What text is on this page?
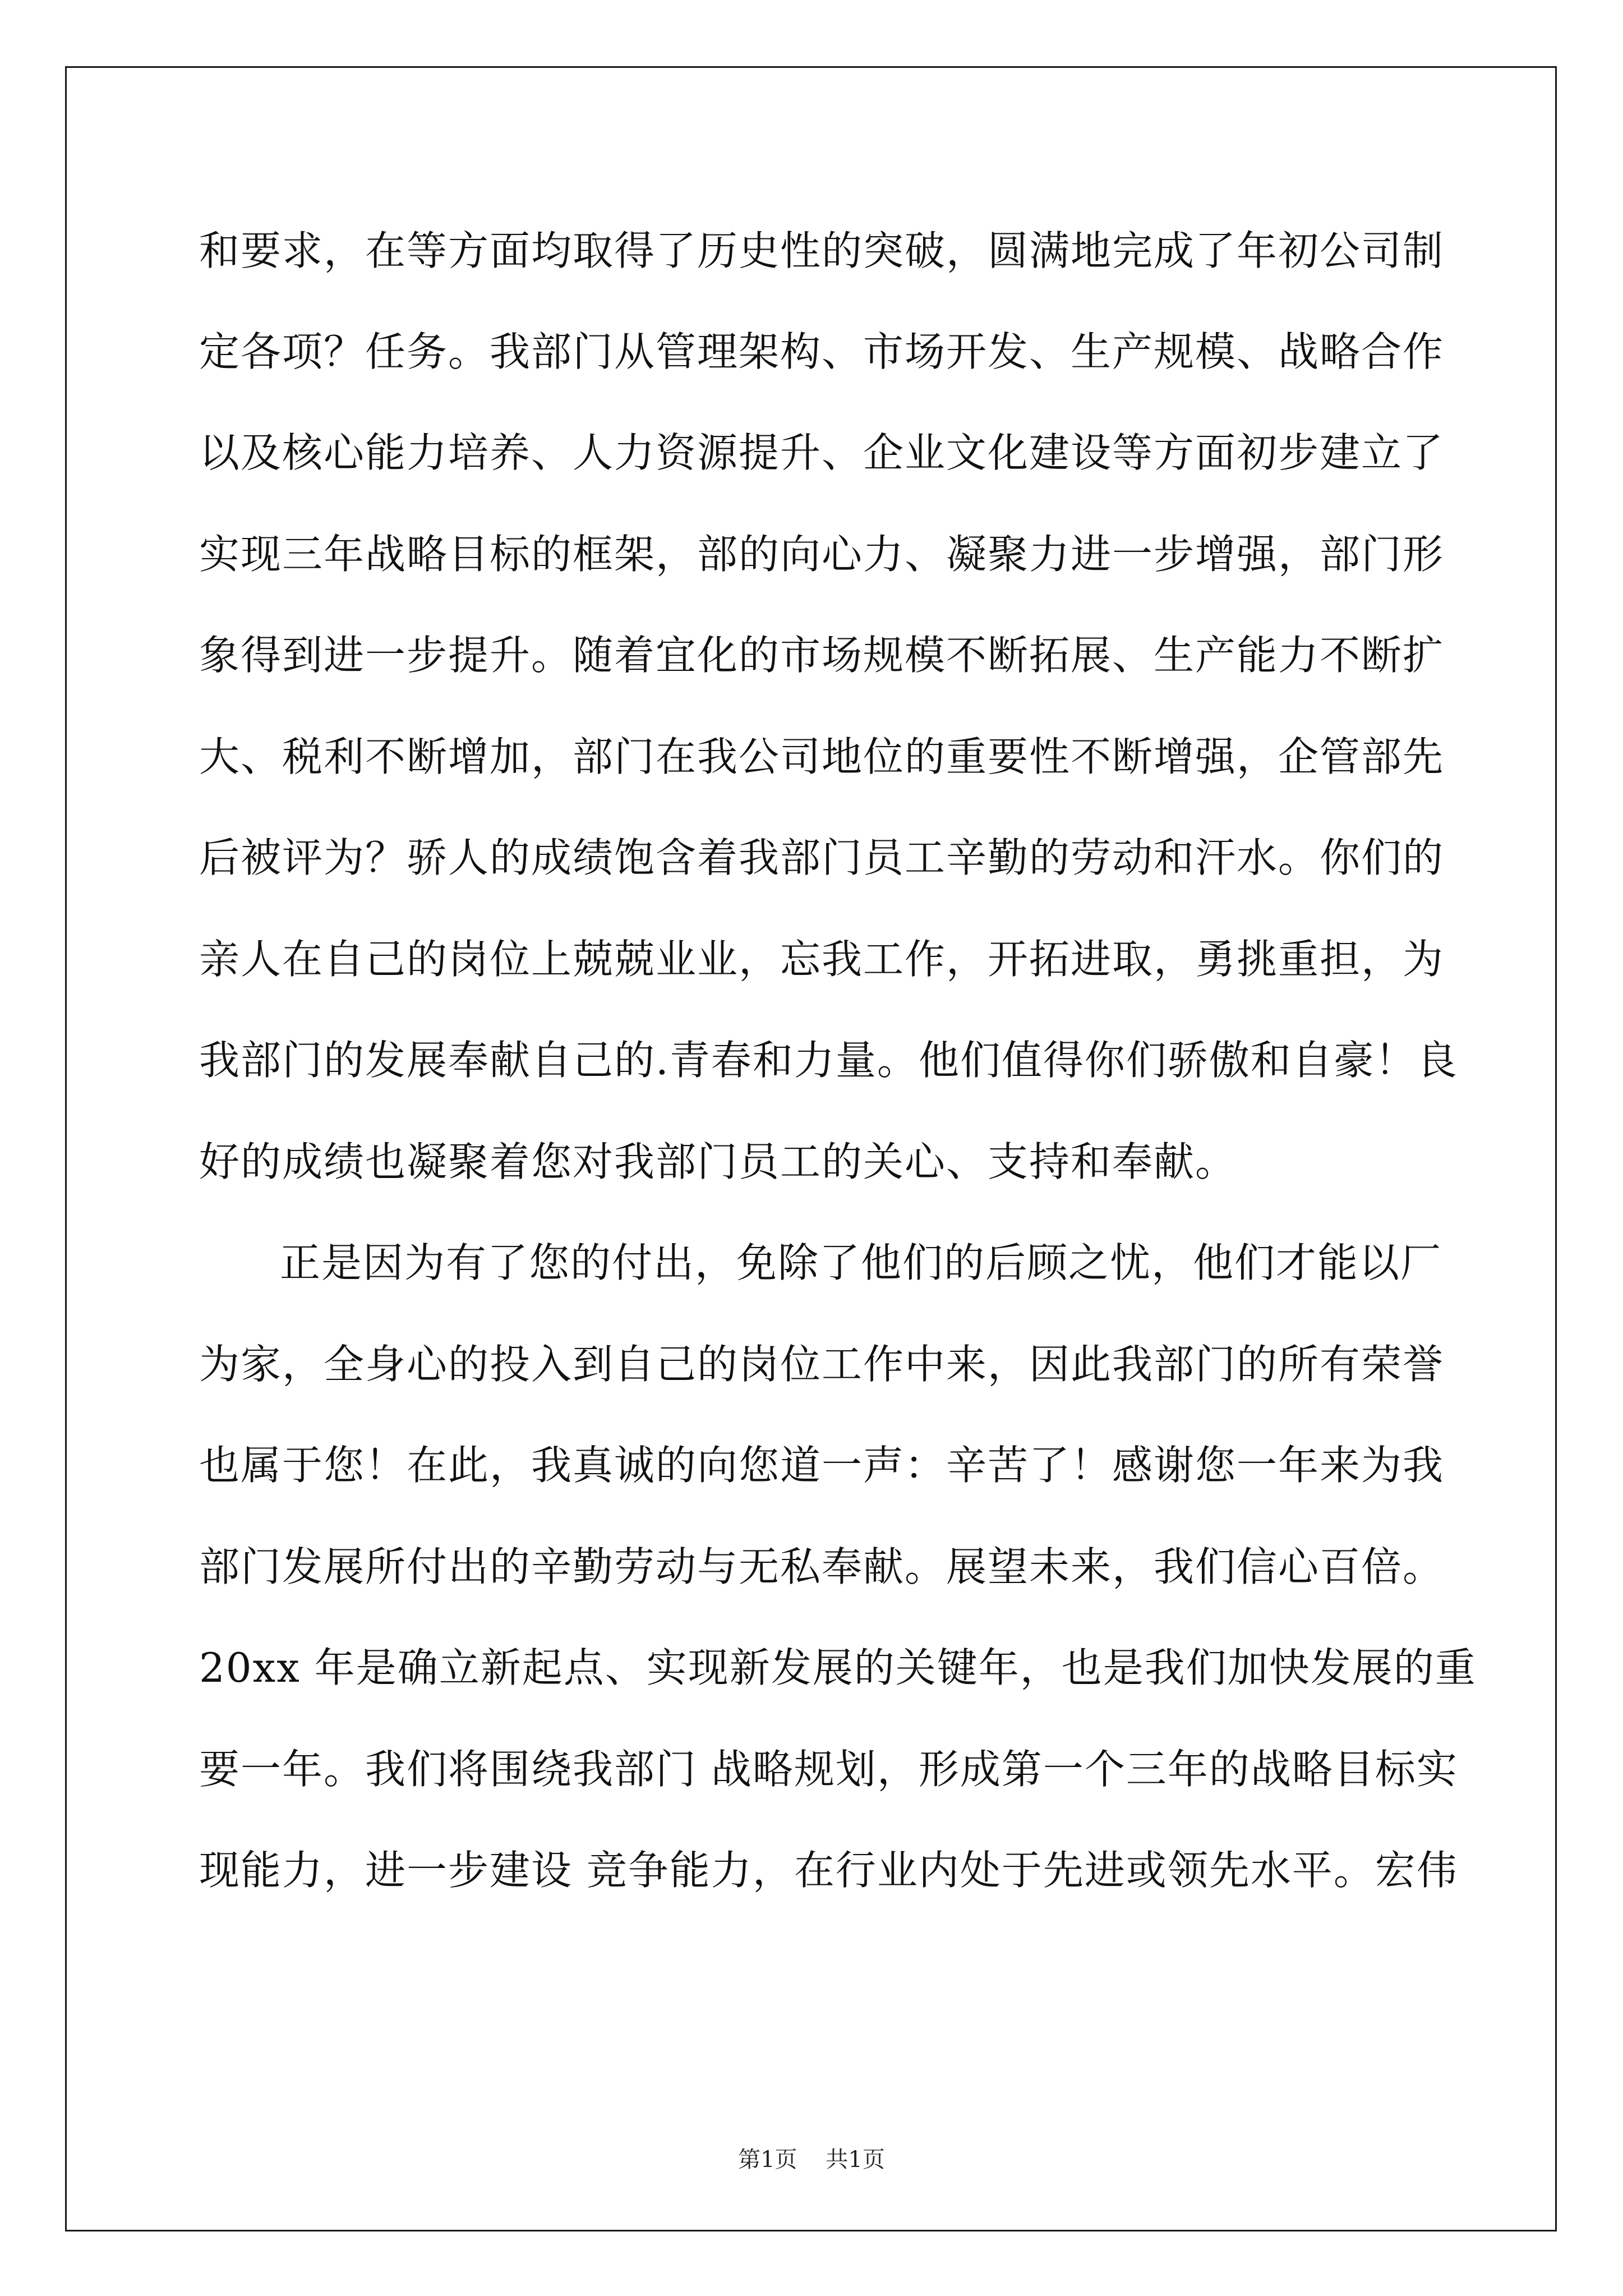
和要求，在等方面均取得了历史性的突破，圆满地完成了年初公司制
定各项？任务。我部门从管理架构、市场开发、生产规模、战略合作
以及核心能力培养、人力资源提升、企业文化建设等方面初步建立了
实现三年战略目标的框架，部的向心力、凝聚力进一步增强，部门形
象得到进一步提升。随着宜化的市场规模不断拓展、生产能力不断扩
大、税利不断增加，部门在我公司地位的重要性不断增强，企管部先
后被评为？骄人的成绩饱含着我部门员工辛勤的劳动和汗水。你们的
亲人在自己的岗位上兢兢业业，忘我工作，开拓进取，勇挑重担，为
我部门的发展奉献自己的.青春和力量。他们值得你们骄傲和自豪！良
好的成绩也凝聚着您对我部门员工的关心、支持和奉献。
正是因为有了您的付出，免除了他们的后顾之忧，他们才能以厂
为家，全身心的投入到自己的岗位工作中来，因此我部门的所有荣誉
也属于您！在此，我真诚的向您道一声：辛苦了！感谢您一年来为我
部门发展所付出的辛勤劳动与无私奉献。展望未来，我们信心百倍。
20xx 年是确立新起点、实现新发展的关键年，也是我们加快发展的重
要一年。我们将围绕我部门 战略规划，形成第一个三年的战略目标实
现能力，进一步建设 竞争能力，在行业内处于先进或领先水平。宏伟
第1页    共1页
